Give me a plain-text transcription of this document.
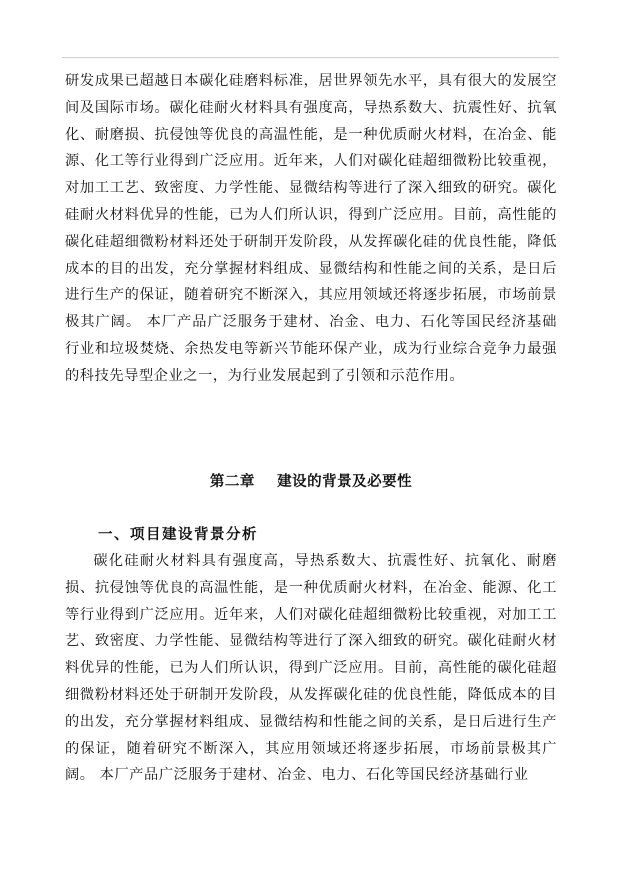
研发成果已超越日本碳化硅磨料标准，居世界领先水平，具有很大的发展空间及国际市场。碳化硅耐火材料具有强度高，导热系数大、抗震性好、抗氧化、耐磨损、抗侵蚀等优良的高温性能，是一种优质耐火材料，在冶金、能源、化工等行业得到广泛应用。近年来，人们对碳化硅超细微粉比较重视，对加工工艺、致密度、力学性能、显微结构等进行了深入细致的研究。碳化硅耐火材料优异的性能，已为人们所认识，得到广泛应用。目前，高性能的碳化硅超细微粉材料还处于研制开发阶段，从发挥碳化硅的优良性能，降低成本的目的出发，充分掌握材料组成、显微结构和性能之间的关系，是日后进行生产的保证，随着研究不断深入，其应用领域还将逐步拓展，市场前景极其广阔。 本厂产品广泛服务于建材、冶金、电力、石化等国民经济基础行业和垃圾焚烧、余热发电等新兴节能环保产业，成为行业综合竞争力最强的科技先导型企业之一，为行业发展起到了引领和示范作用。

第二章    建设的背景及必要性
一、项目建设背景分析

碳化硅耐火材料具有强度高，导热系数大、抗震性好、抗氧化、耐磨损、抗侵蚀等优良的高温性能，是一种优质耐火材料，在冶金、能源、化工等行业得到广泛应用。近年来，人们对碳化硅超细微粉比较重视，对加工工艺、致密度、力学性能、显微结构等进行了深入细致的研究。碳化硅耐火材料优异的性能，已为人们所认识，得到广泛应用。目前，高性能的碳化硅超细微粉材料还处于研制开发阶段，从发挥碳化硅的优良性能，降低成本的目的出发，充分掌握材料组成、显微结构和性能之间的关系，是日后进行生产的保证，随着研究不断深入，其应用领域还将逐步拓展，市场前景极其广阔。 本厂产品广泛服务于建材、冶金、电力、石化等国民经济基础行业
